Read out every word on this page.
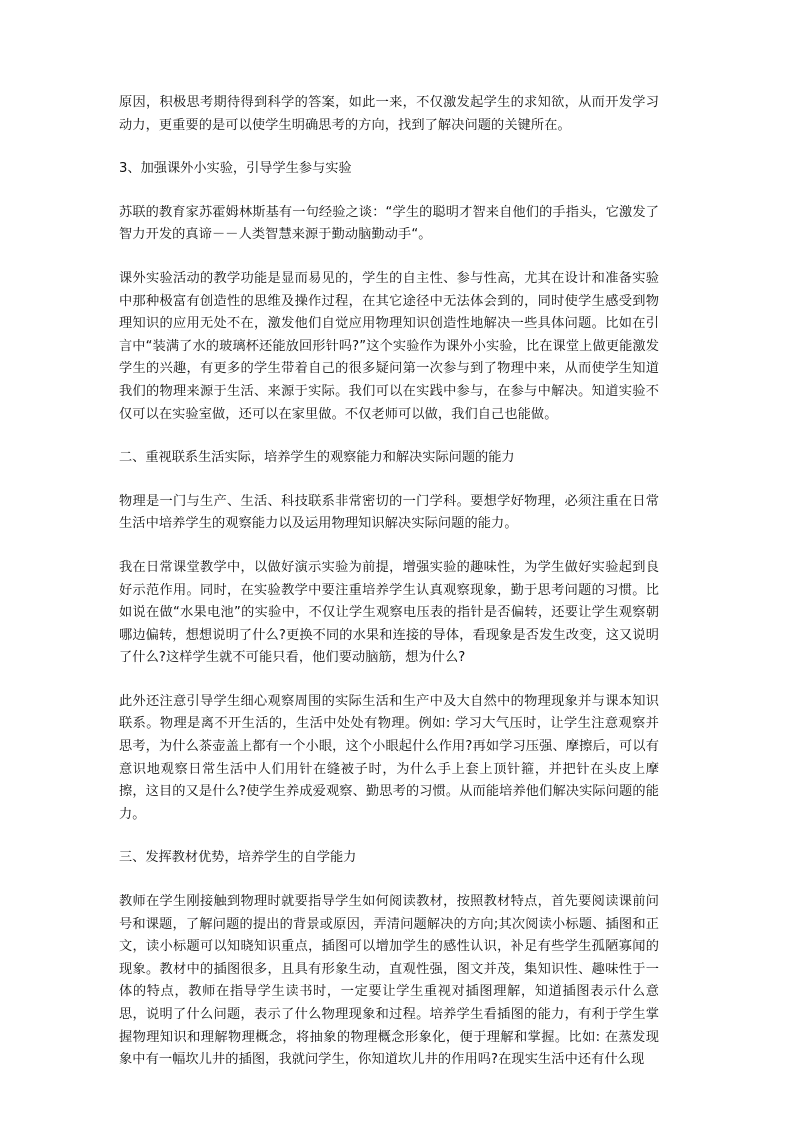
原因，积极思考期待得到科学的答案，如此一来，不仅激发起学生的求知欲，从而开发学习动力，更重要的是可以使学生明确思考的方向，找到了解决问题的关键所在。

3、加强课外小实验，引导学生参与实验

苏联的教育家苏霍姆林斯基有一句经验之谈：“学生的聪明才智来自他们的手指头，它激发了智力开发的真谛－－人类智慧来源于勤动脑勤动手“。

课外实验活动的教学功能是显而易见的，学生的自主性、参与性高，尤其在设计和准备实验中那种极富有创造性的思维及操作过程，在其它途径中无法体会到的，同时使学生感受到物理知识的应用无处不在，激发他们自觉应用物理知识创造性地解决一些具体问题。比如在引言中“装满了水的玻璃杯还能放回形针吗?”这个实验作为课外小实验，比在课堂上做更能激发学生的兴趣，有更多的学生带着自己的很多疑问第一次参与到了物理中来，从而使学生知道我们的物理来源于生活、来源于实际。我们可以在实践中参与，在参与中解决。知道实验不仅可以在实验室做，还可以在家里做。不仅老师可以做，我们自己也能做。

二、重视联系生活实际，培养学生的观察能力和解决实际问题的能力

物理是一门与生产、生活、科技联系非常密切的一门学科。要想学好物理，必须注重在日常生活中培养学生的观察能力以及运用物理知识解决实际问题的能力。

我在日常课堂教学中，以做好演示实验为前提，增强实验的趣味性，为学生做好实验起到良好示范作用。同时，在实验教学中要注重培养学生认真观察现象，勤于思考问题的习惯。比如说在做“水果电池”的实验中，不仅让学生观察电压表的指针是否偏转，还要让学生观察朝哪边偏转，想想说明了什么?更换不同的水果和连接的导体，看现象是否发生改变，这又说明了什么?这样学生就不可能只看，他们要动脑筋，想为什么?

此外还注意引导学生细心观察周围的实际生活和生产中及大自然中的物理现象并与课本知识联系。物理是离不开生活的，生活中处处有物理。例如: 学习大气压时，让学生注意观察并思考，为什么茶壶盖上都有一个小眼，这个小眼起什么作用?再如学习压强、摩擦后，可以有意识地观察日常生活中人们用针在缝被子时，为什么手上套上顶针箍，并把针在头皮上摩擦，这目的又是什么?使学生养成爱观察、勤思考的习惯。从而能培养他们解决实际问题的能力。

三、发挥教材优势，培养学生的自学能力

教师在学生刚接触到物理时就要指导学生如何阅读教材，按照教材特点，首先要阅读课前问号和课题，了解问题的提出的背景或原因，弄清问题解决的方向;其次阅读小标题、插图和正文，读小标题可以知晓知识重点，插图可以增加学生的感性认识，补足有些学生孤陋寡闻的现象。教材中的插图很多，且具有形象生动，直观性强，图文并茂，集知识性、趣味性于一体的特点，教师在指导学生读书时，一定要让学生重视对插图理解，知道插图表示什么意思，说明了什么问题，表示了什么物理现象和过程。培养学生看插图的能力，有利于学生掌握物理知识和理解物理概念，将抽象的物理概念形象化，便于理解和掌握。比如: 在蒸发现象中有一幅坎儿井的插图，我就问学生，你知道坎儿井的作用吗?在现实生活中还有什么现
